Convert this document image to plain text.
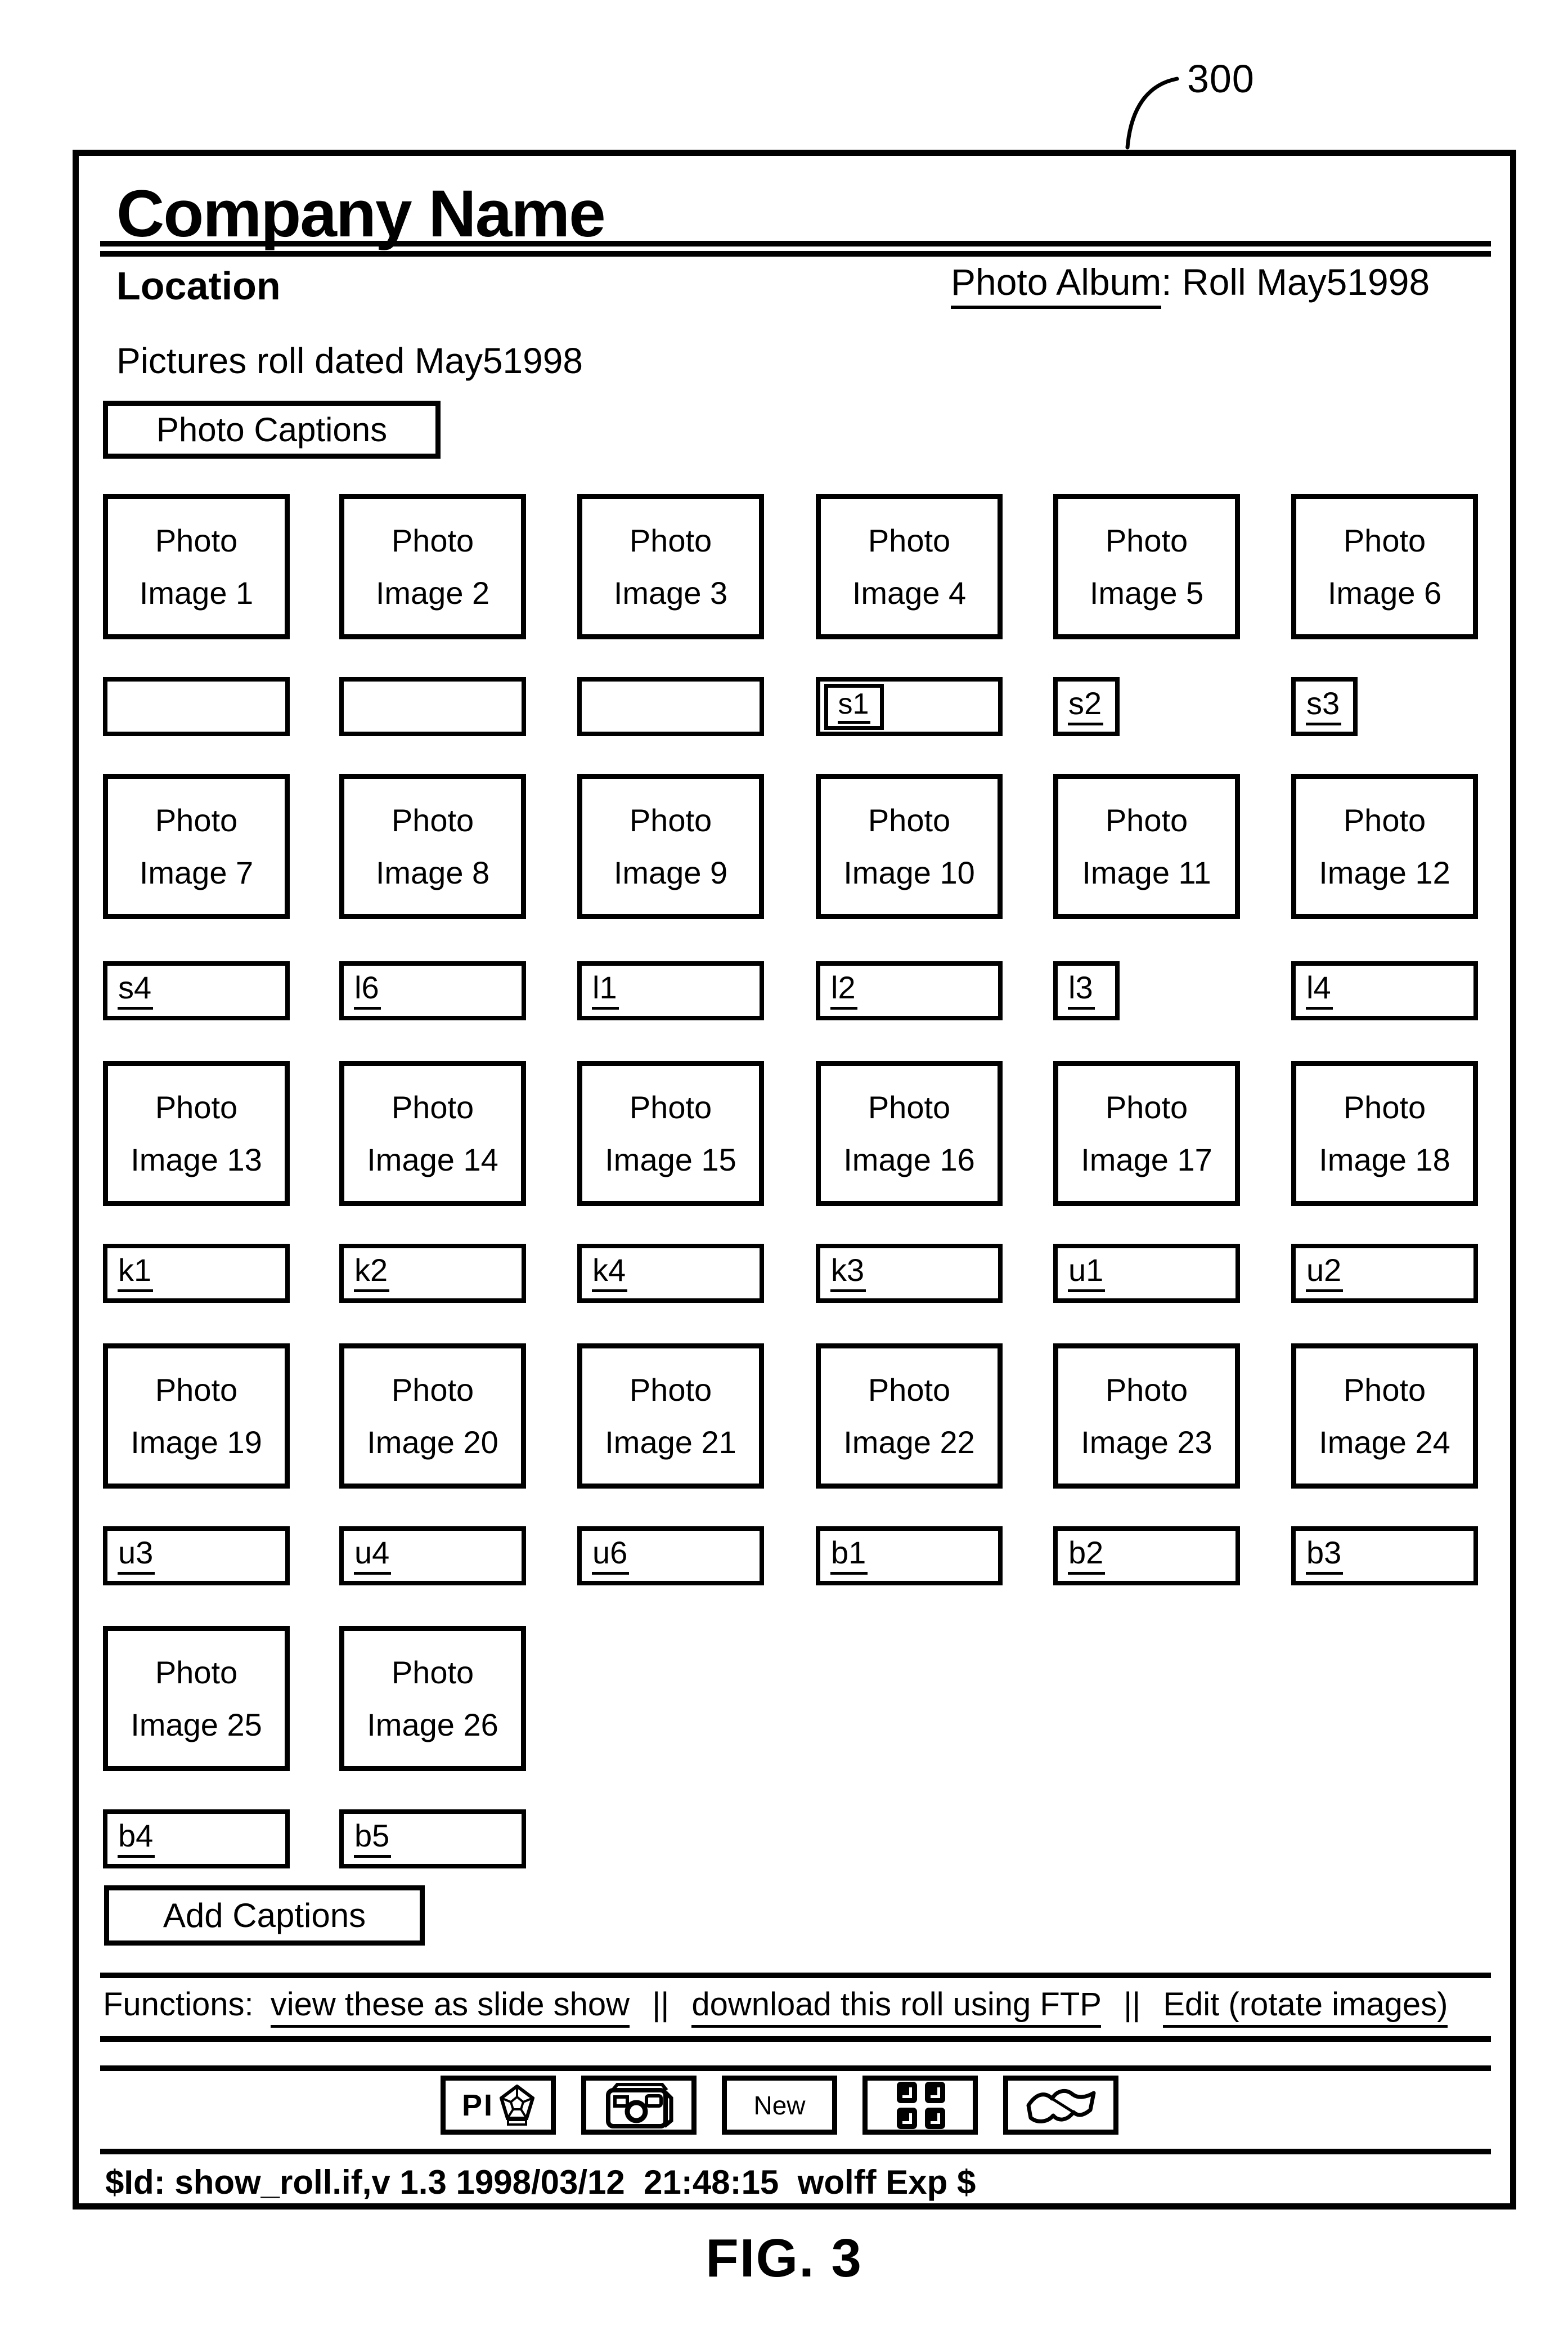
300
Company Name
Location	Photo Album: Roll May51998
Pictures roll dated May51998
Photo Captions
Add Captions
Photo
Image 1
Photo
Image 2
Photo
Image 3
Photo
Image 4
Photo
Image 5
Photo
Image 6
s1	s2	s3
Photo
Image 7
Photo
Image 8
Photo
Image 9
Photo
Image 10
Photo
Image 11
Photo
Image 12
s4	l6	l1	l2	l3	l4
Photo
Image 13
Photo
Image 14
Photo
Image 15
Photo
Image 16
Photo
Image 17
Photo
Image 18
k1	k2	k4	k3	u1	u2
Photo
Image 19
Photo
Image 20
Photo
Image 21
Photo
Image 22
Photo
Image 23
Photo
Image 24
u3	u4	u6	b1	b2	b3
Photo
Image 25
Photo
Image 26
b4	b5
Functions: view these as slide show || download this roll using FTP || Edit (rotate images)
PI	New
$Id: show_roll.if,v 1.3 1998/03/12  21:48:15  wolff Exp $
FIG. 3
